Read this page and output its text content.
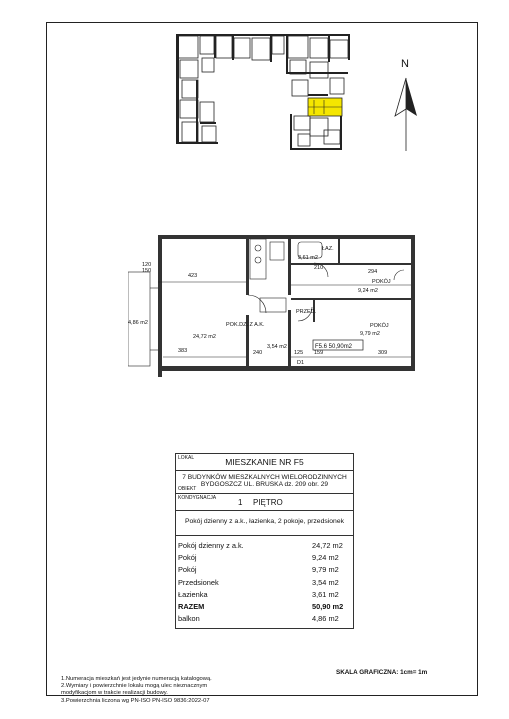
N
POK.DZ. Z A.K.
24,72 m2
POKÓJ
9,24 m2
POKÓJ
9,79 m2
ŁAZ.
3,61 m2
PRZED.
3,54 m2
4,86 m2
423
383
294
309
210
159
240	125
120
150
D1
F5.6 50,90m2
LOKAL	MIESZKANIE NR F5
7 BUDYNKÓW MIESZKALNYCH WIELORODZINNYCH
BYDGOSZCZ UL. BRUSKA dz. 209 obr. 29
OBIEKT
KONDYGNACJA	1 PIĘTRO
Pokój dzienny z a.k., łazienka, 2 pokoje, przedsionek
Pokój dzienny z a.k.	24,72 m2
Pokój	9,24 m2
Pokój	9,79 m2
Przedsionek	3,54 m2
Łazienka	3,61 m2
RAZEM	50,90 m2
balkon	4,86 m2
1.Numeracja mieszkań jest jedynie numeracją katalogową.
2.Wymiary i powierzchnie lokalu mogą ulec nieznacznym
modyfikacjom w trakcie realizacji budowy.
3.Powierzchnia liczona wg PN-ISO PN-ISO 9836:2022-07
SKALA GRAFICZNA: 1cm= 1m
